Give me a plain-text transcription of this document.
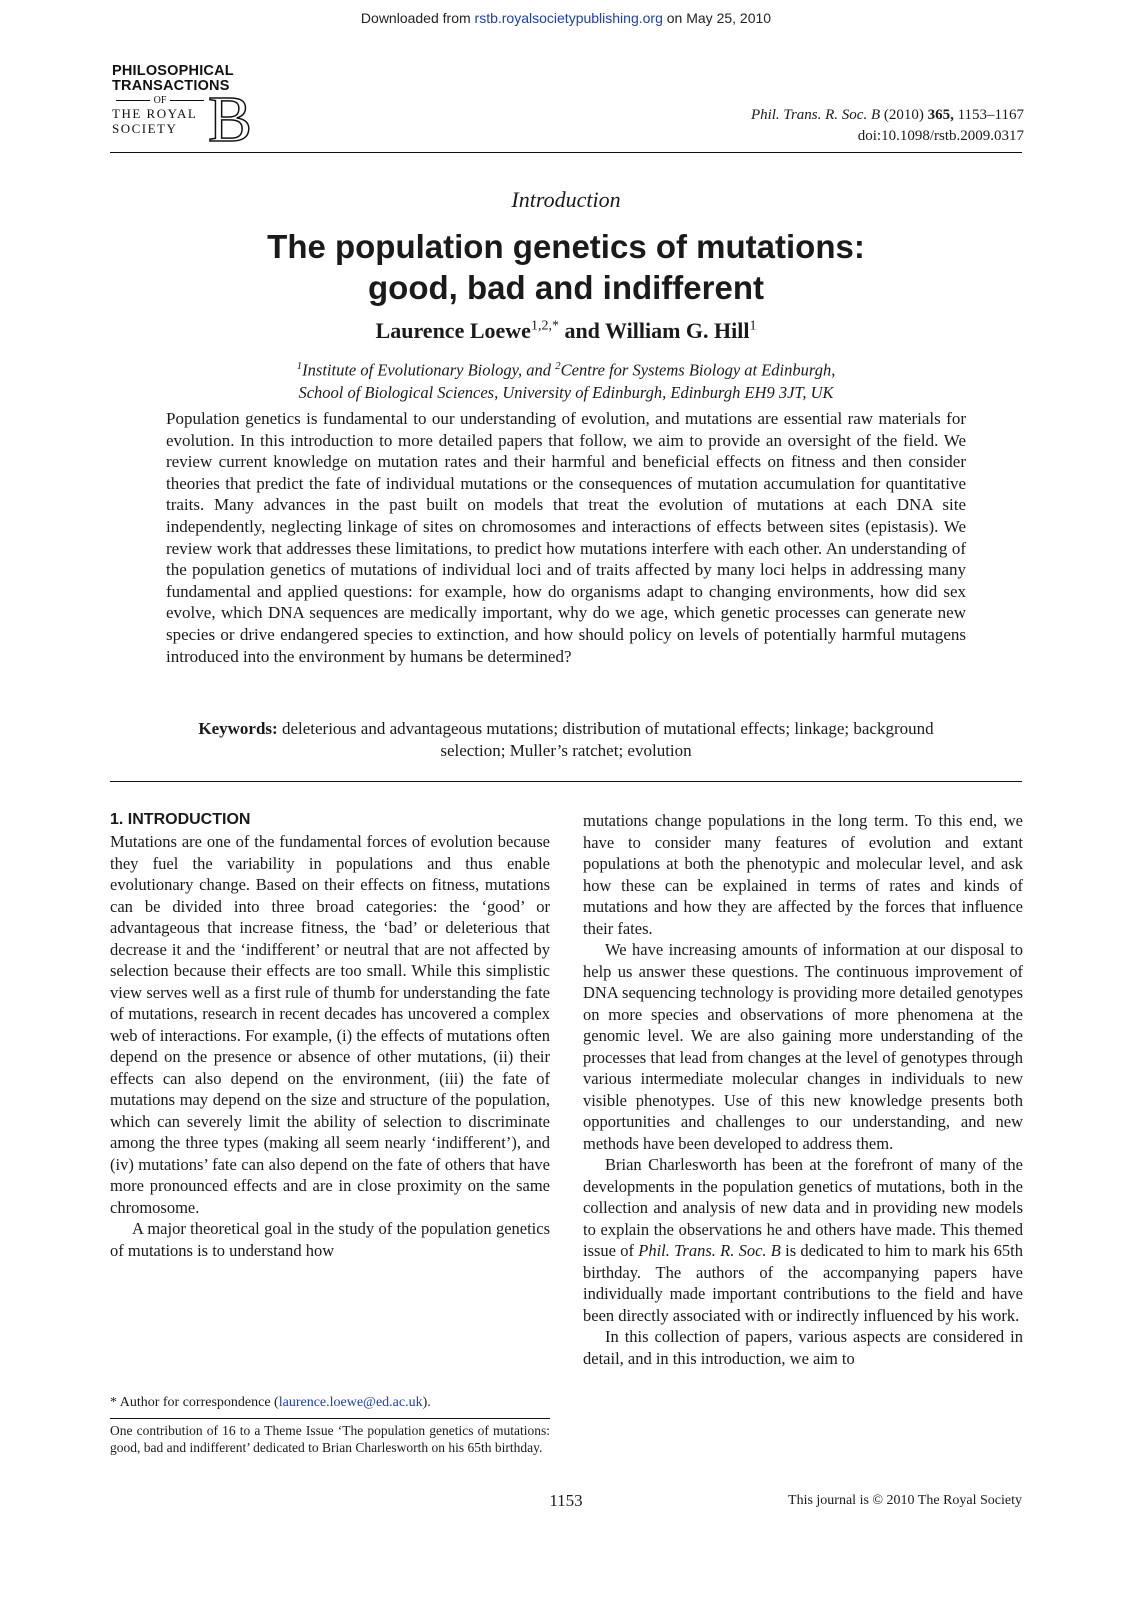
Downloaded from rstb.royalsocietypublishing.org on May 25, 2010
PHILOSOPHICAL
TRANSACTIONS
OF
THE ROYAL
SOCIETY B	Phil. Trans. R. Soc. B (2010) 365, 1153–1167
doi:10.1098/rstb.2009.0317
Introduction
The population genetics of mutations:
good, bad and indifferent
Laurence Loewe$^{1,2,*}$ and William G. Hill$^1$
$^1$Institute of Evolutionary Biology, and $^2$Centre for Systems Biology at Edinburgh,
School of Biological Sciences, University of Edinburgh, Edinburgh EH9 3JT, UK
Population genetics is fundamental to our understanding of evolution, and mutations are essential raw materials for evolution. In this introduction to more detailed papers that follow, we aim to provide an oversight of the field. We review current knowledge on mutation rates and their harmful and beneficial effects on fitness and then consider theories that predict the fate of individual mutations or the consequences of mutation accumulation for quantitative traits. Many advances in the past built on models that treat the evolution of mutations at each DNA site independently, neglecting linkage of sites on chromosomes and interactions of effects between sites (epistasis). We review work that addresses these limitations, to predict how mutations interfere with each other. An understanding of the population genetics of mutations of individual loci and of traits affected by many loci helps in addressing many fundamental and applied questions: for example, how do organisms adapt to changing environments, how did sex evolve, which DNA sequences are medically important, why do we age, which genetic processes can generate new species or drive endangered species to extinction, and how should policy on levels of potentially harmful mutagens introduced into the environment by humans be determined?
Keywords: deleterious and advantageous mutations; distribution of mutational effects; linkage; background selection; Muller’s ratchet; evolution
1. INTRODUCTION

Mutations are one of the fundamental forces of evolution because they fuel the variability in populations and thus enable evolutionary change. Based on their effects on fitness, mutations can be divided into three broad categories: the ‘good’ or advantageous that increase fitness, the ‘bad’ or deleterious that decrease it and the ‘indifferent’ or neutral that are not affected by selection because their effects are too small. While this simplistic view serves well as a first rule of thumb for understanding the fate of mutations, research in recent decades has uncovered a complex web of interactions. For example, (i) the effects of mutations often depend on the presence or absence of other mutations, (ii) their effects can also depend on the environment, (iii) the fate of mutations may depend on the size and structure of the population, which can severely limit the ability of selection to discriminate among the three types (making all seem nearly ‘indifferent’), and (iv) mutations’ fate can also depend on the fate of others that have more pronounced effects and are in close proximity on the same chromosome.

A major theoretical goal in the study of the population genetics of mutations is to understand how

mutations change populations in the long term. To this end, we have to consider many features of evolution and extant populations at both the phenotypic and molecular level, and ask how these can be explained in terms of rates and kinds of mutations and how they are affected by the forces that influence their fates.

We have increasing amounts of information at our disposal to help us answer these questions. The continuous improvement of DNA sequencing technology is providing more detailed genotypes on more species and observations of more phenomena at the genomic level. We are also gaining more understanding of the processes that lead from changes at the level of genotypes through various intermediate molecular changes in individuals to new visible phenotypes. Use of this new knowledge presents both opportunities and challenges to our understanding, and new methods have been developed to address them.

Brian Charlesworth has been at the forefront of many of the developments in the population genetics of mutations, both in the collection and analysis of new data and in providing new models to explain the observations he and others have made. This themed issue of Phil. Trans. R. Soc. B is dedicated to him to mark his 65th birthday. The authors of the accompanying papers have individually made important contributions to the field and have been directly associated with or indirectly influenced by his work.

In this collection of papers, various aspects are considered in detail, and in this introduction, we aim to

* Author for correspondence (laurence.loewe@ed.ac.uk).
One contribution of 16 to a Theme Issue ‘The population genetics of mutations: good, bad and indifferent’ dedicated to Brian Charlesworth on his 65th birthday.
1153	This journal is © 2010 The Royal Society
